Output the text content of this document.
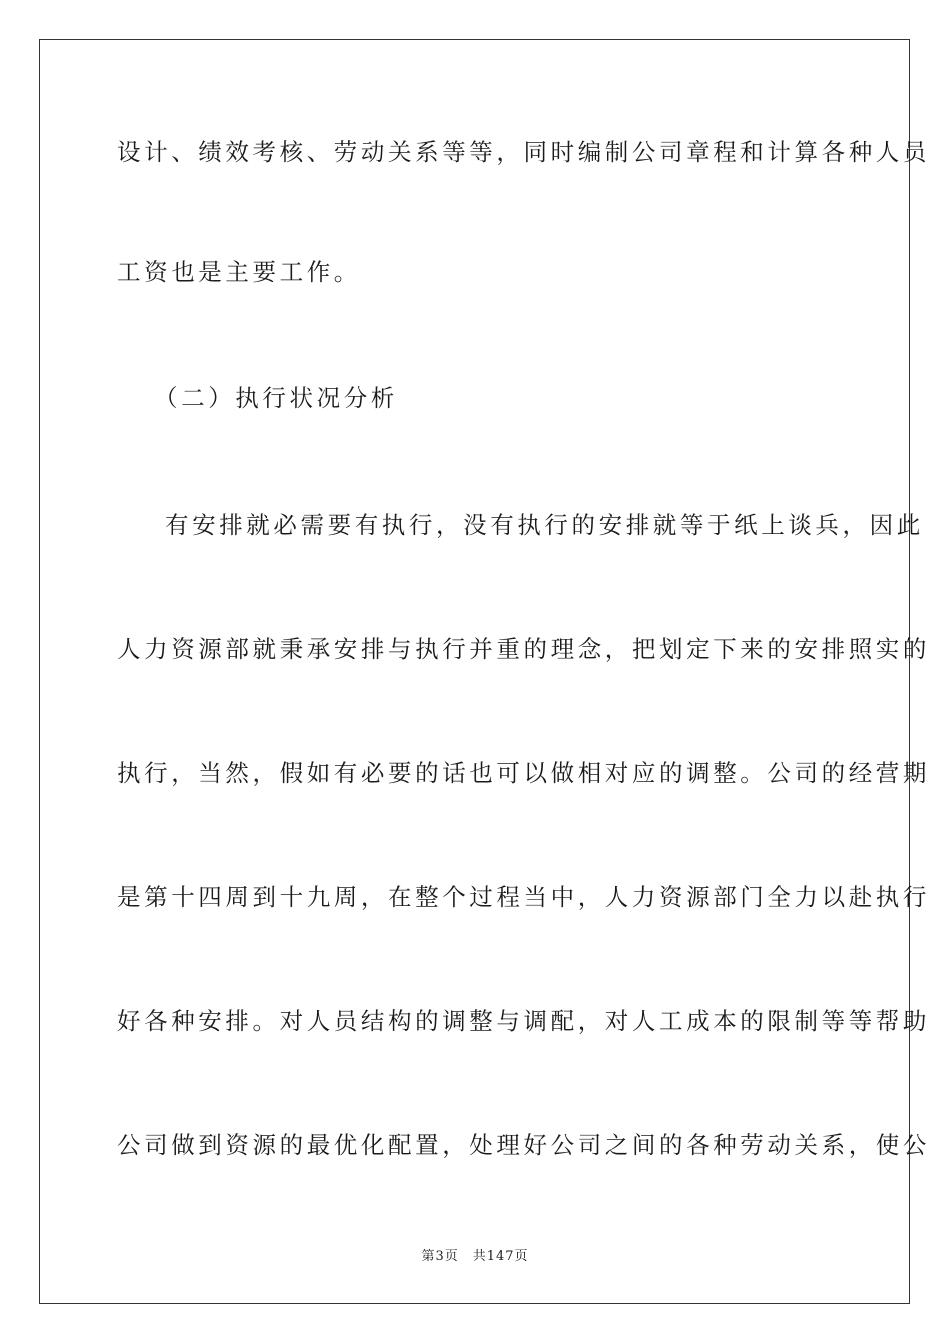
设计、绩效考核、劳动关系等等，同时编制公司章程和计算各种人员
工资也是主要工作。
（二）执行状况分析
有安排就必需要有执行，没有执行的安排就等于纸上谈兵，因此
人力资源部就秉承安排与执行并重的理念，把划定下来的安排照实的
执行，当然，假如有必要的话也可以做相对应的调整。公司的经营期
是第十四周到十九周，在整个过程当中，人力资源部门全力以赴执行
好各种安排。对人员结构的调整与调配，对人工成本的限制等等帮助
公司做到资源的最优化配置，处理好公司之间的各种劳动关系，使公
第3页 共147页
